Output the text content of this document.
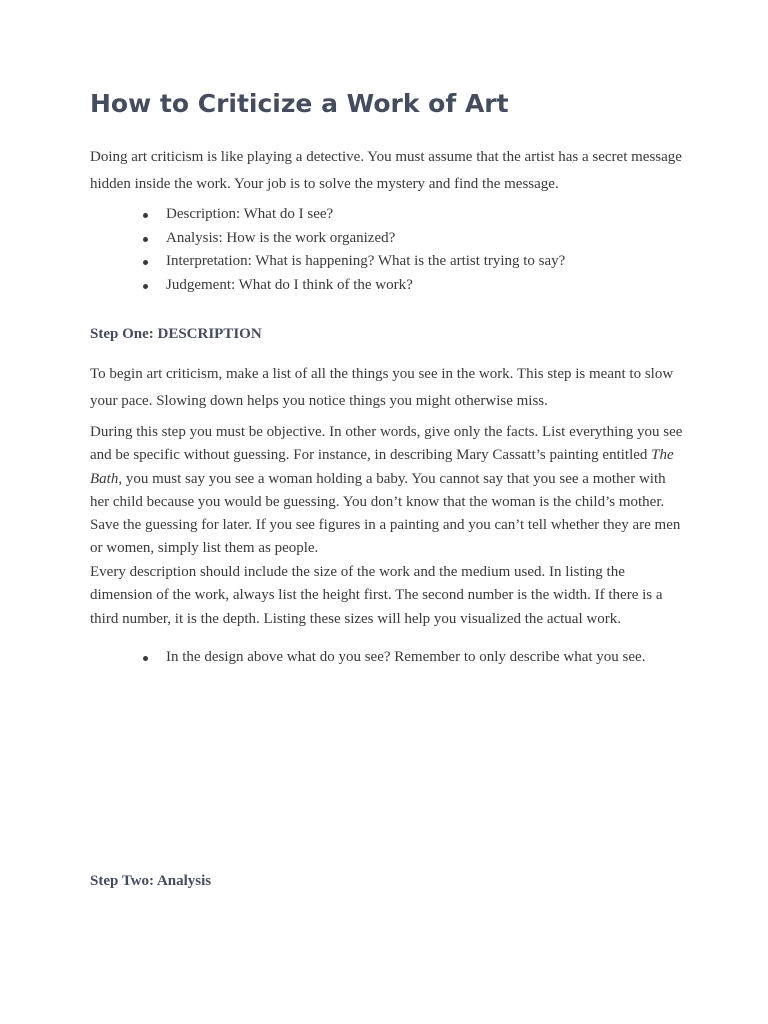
How to Criticize a Work of Art

Doing art criticism is like playing a detective. You must assume that the artist has a secret message hidden inside the work. Your job is to solve the mystery and find the message.

Description: What do I see?
Analysis: How is the work organized?
Interpretation: What is happening? What is the artist trying to say?
Judgement: What do I think of the work?
Step One: DESCRIPTION

To begin art criticism, make a list of all the things you see in the work. This step is meant to slow your pace. Slowing down helps you notice things you might otherwise miss.

During this step you must be objective. In other words, give only the facts. List everything you see and be specific without guessing. For instance, in describing Mary Cassatt’s painting entitled The Bath, you must say you see a woman holding a baby. You cannot say that you see a mother with her child because you would be guessing. You don’t know that the woman is the child’s mother. Save the guessing for later. If you see figures in a painting and you can’t tell whether they are men or women, simply list them as people.

Every description should include the size of the work and the medium used. In listing the dimension of the work, always list the height first. The second number is the width. If there is a third number, it is the depth. Listing these sizes will help you visualized the actual work.

In the design above what do you see? Remember to only describe what you see.
Step Two: Analysis
